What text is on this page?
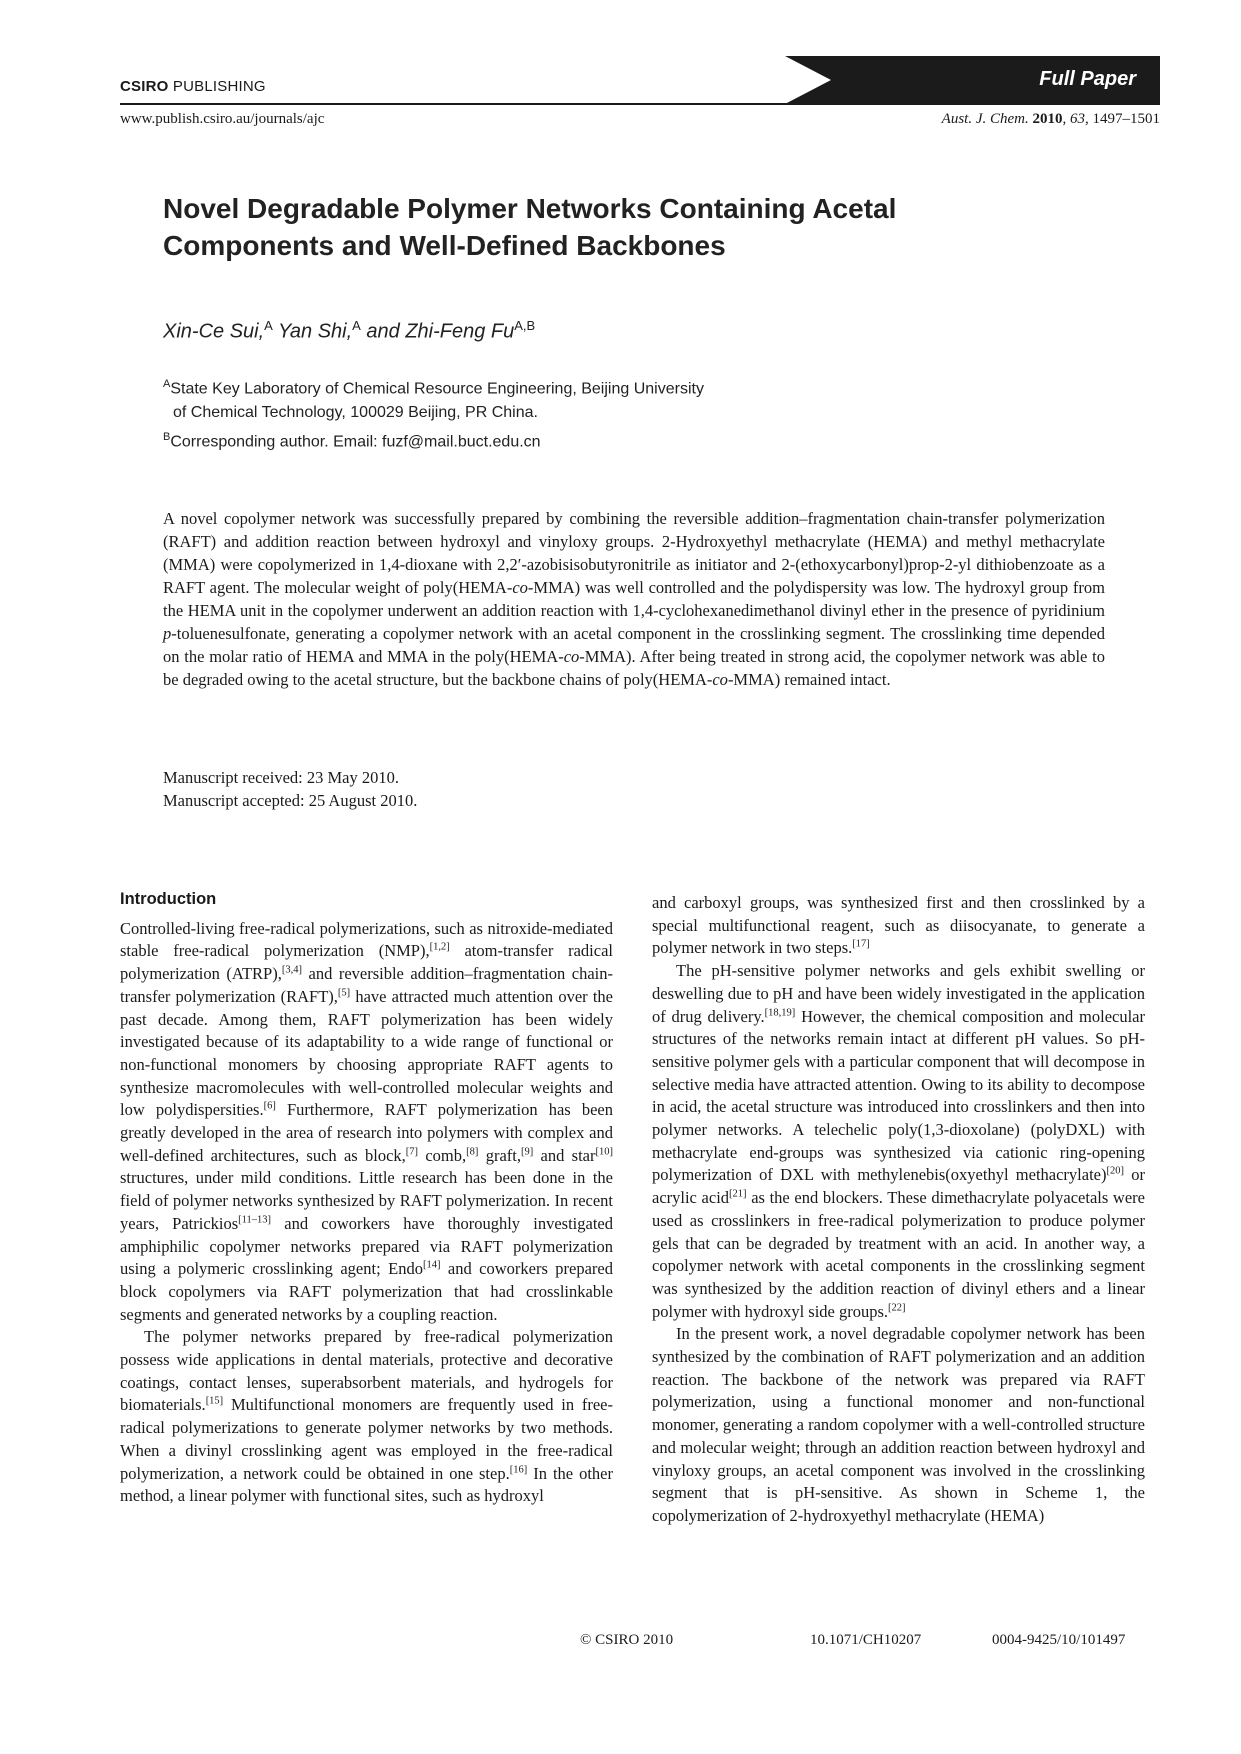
CSIRO PUBLISHING	Full Paper
www.publish.csiro.au/journals/ajc	Aust. J. Chem. 2010, 63, 1497–1501
Novel Degradable Polymer Networks Containing Acetal
Components and Well-Defined Backbones
Xin-Ce Sui,$^A$ Yan Shi,$^A$ and Zhi-Feng $Fu^{A,B}$
$^A$State Key Laboratory of Chemical Resource Engineering, Beijing University
of Chemical Technology, 100029 Beijing, PR China.
$^B$Corresponding author. Email: fuzf@mail.buct.edu.cn
A novel copolymer network was successfully prepared by combining the reversible addition–fragmentation chain-transfer polymerization (RAFT) and addition reaction between hydroxyl and vinyloxy groups. 2-Hydroxyethyl methacrylate (HEMA) and methyl methacrylate (MMA) were copolymerized in 1,4-dioxane with 2,2′-azobisisobutyronitrile as initiator and 2-(ethoxycarbonyl)prop-2-yl dithiobenzoate as a RAFT agent. The molecular weight of poly(HEMA-co-MMA) was well controlled and the polydispersity was low. The hydroxyl group from the HEMA unit in the copolymer underwent an addition reaction with 1,4-cyclohexanedimethanol divinyl ether in the presence of pyridinium p-toluenesulfonate, generating a copolymer network with an acetal component in the crosslinking segment. The crosslinking time depended on the molar ratio of HEMA and MMA in the poly(HEMA-co-MMA). After being treated in strong acid, the copolymer network was able to be degraded owing to the acetal structure, but the backbone chains of poly(HEMA-co-MMA) remained intact.
Manuscript received: 23 May 2010.
Manuscript accepted: 25 August 2010.
Introduction

Controlled-living free-radical polymerizations, such as nitroxide-mediated stable free-radical polymerization (NMP),[1,2] atom-transfer radical polymerization (ATRP),[3,4] and reversible addition–fragmentation chain-transfer polymerization (RAFT),[5] have attracted much attention over the past decade. Among them, RAFT polymerization has been widely investigated because of its adaptability to a wide range of functional or non-functional monomers by choosing appropriate RAFT agents to synthesize macromolecules with well-controlled molecular weights and low polydispersities.[6] Furthermore, RAFT polymerization has been greatly developed in the area of research into polymers with complex and well-defined architectures, such as block,[7] comb,[8] graft,[9] and star[10] structures, under mild conditions. Little research has been done in the field of polymer networks synthesized by RAFT polymerization. In recent years, Patrickios[11–13] and coworkers have thoroughly investigated amphiphilic copolymer networks prepared via RAFT polymerization using a polymeric crosslinking agent; Endo[14] and coworkers prepared block copolymers via RAFT polymerization that had crosslinkable segments and generated networks by a coupling reaction.

The polymer networks prepared by free-radical polymerization possess wide applications in dental materials, protective and decorative coatings, contact lenses, superabsorbent materials, and hydrogels for biomaterials.[15] Multifunctional monomers are frequently used in free-radical polymerizations to generate polymer networks by two methods. When a divinyl crosslinking agent was employed in the free-radical polymerization, a network could be obtained in one step.[16] In the other method, a linear polymer with functional sites, such as hydroxyl

and carboxyl groups, was synthesized first and then crosslinked by a special multifunctional reagent, such as diisocyanate, to generate a polymer network in two steps.[17]

The pH-sensitive polymer networks and gels exhibit swelling or deswelling due to pH and have been widely investigated in the application of drug delivery.[18,19] However, the chemical composition and molecular structures of the networks remain intact at different pH values. So pH-sensitive polymer gels with a particular component that will decompose in selective media have attracted attention. Owing to its ability to decompose in acid, the acetal structure was introduced into crosslinkers and then into polymer networks. A telechelic poly(1,3-dioxolane) (polyDXL) with methacrylate end-groups was synthesized via cationic ring-opening polymerization of DXL with methylenebis(oxyethyl methacrylate)[20] or acrylic acid[21] as the end blockers. These dimethacrylate polyacetals were used as crosslinkers in free-radical polymerization to produce polymer gels that can be degraded by treatment with an acid. In another way, a copolymer network with acetal components in the crosslinking segment was synthesized by the addition reaction of divinyl ethers and a linear polymer with hydroxyl side groups.[22]

In the present work, a novel degradable copolymer network has been synthesized by the combination of RAFT polymerization and an addition reaction. The backbone of the network was prepared via RAFT polymerization, using a functional monomer and non-functional monomer, generating a random copolymer with a well-controlled structure and molecular weight; through an addition reaction between hydroxyl and vinyloxy groups, an acetal component was involved in the crosslinking segment that is pH-sensitive. As shown in Scheme 1, the copolymerization of 2-hydroxyethyl methacrylate (HEMA)

© CSIRO 2010	10.1071/CH10207	0004-9425/10/101497
